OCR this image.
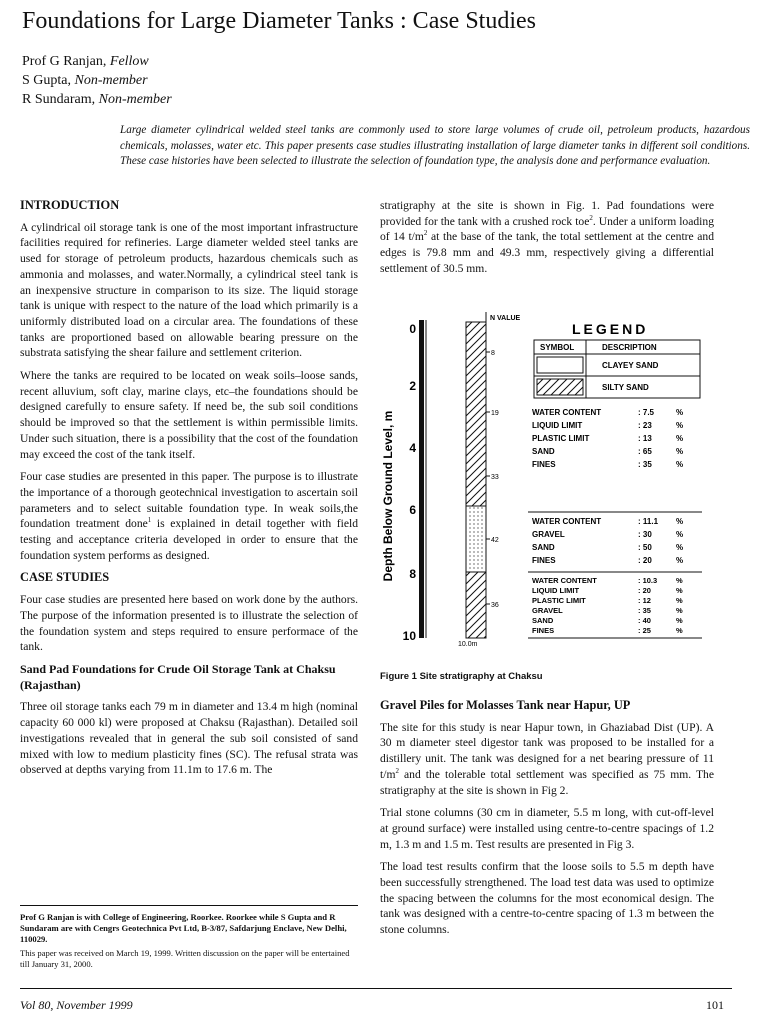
Foundations for Large Diameter Tanks : Case Studies
Prof G Ranjan, Fellow
S Gupta, Non-member
R Sundaram, Non-member
Large diameter cylindrical welded steel tanks are commonly used to store large volumes of crude oil, petroleum products, hazardous chemicals, molasses, water etc. This paper presents case studies illustrating installation of large diameter tanks in different soil conditions. These case histories have been selected to illustrate the selection of foundation type, the analysis done and performance evaluation.
INTRODUCTION

A cylindrical oil storage tank is one of the most important infrastructure facilities required for refineries. Large diameter welded steel tanks are used for storage of petroleum products, hazardous chemicals such as ammonia and molasses, and water.Normally, a cylindrical steel tank is an inexpensive structure in comparison to its size. The liquid storage tank is unique with respect to the nature of the load which primarily is a uniformly distributed load on a circular area. The foundations of these tanks are proportioned based on allowable bearing pressure on the substrata satisfying the shear failure and settlement criterion.

Where the tanks are required to be located on weak soils–loose sands, recent alluvium, soft clay, marine clays, etc–the foundations should be designed carefully to ensure safety. If need be, the sub soil conditions should be improved so that the settlement is within permissible limits. Under such situation, there is a possibility that the cost of the foundation may exceed the cost of the tank itself.

Four case studies are presented in this paper. The purpose is to illustrate the importance of a thorough geotechnical investigation to ascertain soil parameters and to select suitable foundation type. In weak soils,the foundation treatment done$^1$ is explained in detail together with field testing and acceptance criteria developed in order to ensure that the foundation system performs as designed.

CASE STUDIES

Four case studies are presented here based on work done by the authors. The purpose of the information presented is to illustrate the selection of the foundation system and steps required to ensure performace of the tank.

Sand Pad Foundations for Crude Oil Storage Tank at Chaksu (Rajasthan)

Three oil storage tanks each 79 m in diameter and 13.4 m high (nominal capacity 60 000 kl) were proposed at Chaksu (Rajasthan). Detailed soil investigations revealed that in general the sub soil consisted of sand mixed with low to medium plasticity fines (SC). The refusal strata was observed at depths varying from 11.1m to 17.6 m. The

Prof G Ranjan is with College of Engineering, Roorkee. Roorkee while S Gupta and R Sundaram are with Cengrs Geotechnica Pvt Ltd, B-3/87, Safdarjung Enclave, New Delhi, 110029.
This paper was received on March 19, 1999. Written discussion on the paper will be entertained till January 31, 2000.

stratigraphy at the site is shown in Fig. 1. Pad foundations were provided for the tank with a crushed rock toe$^2$. Under a uniform loading of 14 $t/m^2$ at the base of the tank, the total settlement at the centre and edges is 79.8 mm and 49.3 mm, respectively giving a differential settlement of 30.5 mm.

Depth Below Ground Level, m
0
2
4
6
8
10
N VALUE
8
19
33
42
36
10.0m
LEGEND
SYMBOL	DESCRIPTION
CLAYEY SAND
SILTY SAND
WATER CONTENT	: 7.5	%
LIQUID LIMIT	: 23	%
PLASTIC LIMIT	: 13	%
SAND	: 65	%
FINES	: 35	%
WATER CONTENT	: 11.1 %
GRAVEL	: 30	%
SAND	: 50	%
FINES	: 20	%
WATER CONTENT	: 10.3	%
LIQUID LIMIT	: 20	%
PLASTIC LIMIT	: 12	%
GRAVEL	: 35	%
SAND	: 40	%
FINES	: 25	%
Figure 1 Site stratigraphy at Chaksu
Gravel Piles for Molasses Tank near Hapur, UP

The site for this study is near Hapur town, in Ghaziabad Dist (UP). A 30 m diameter steel digestor tank was proposed to be installed for a distillery unit. The tank was designed for a net bearing pressure of 11 $t/m^2$ and the tolerable total settlement was specified as 75 mm. The stratigraphy at the site is shown in Fig 2.

Trial stone columns (30 cm in diameter, 5.5 m long, with cut-off-level at ground surface) were installed using centre-to-centre spacings of 1.2 m, 1.3 m and 1.5 m. Test results are presented in Fig 3.

The load test results confirm that the loose soils to 5.5 m depth have been successfully strengthened. The load test data was used to optimize the spacing between the columns for the most economical design. The tank was designed with a centre-to-centre spacing of 1.3 m between the stone columns.

Vol 80, November 1999	101
